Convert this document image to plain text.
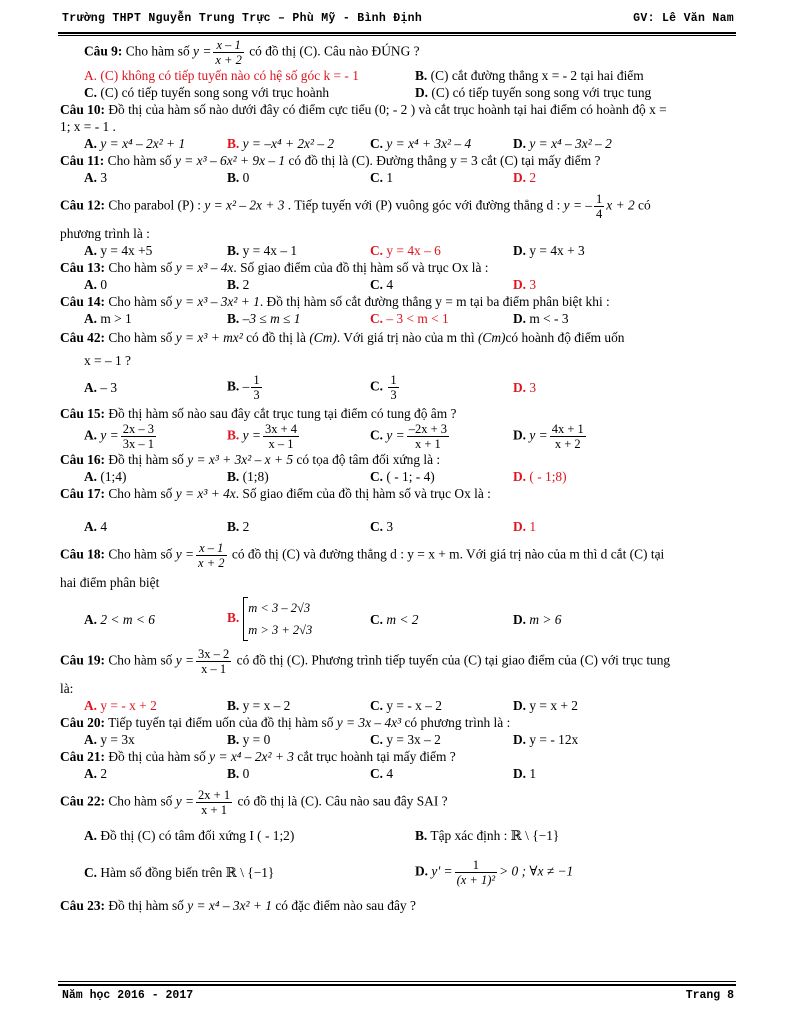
Trường THPT Nguyễn Trung Trực – Phù Mỹ - Bình Định	GV: Lê Văn Nam
Câu 9: Cho hàm số $y = \frac{x - 1}{x + 2}$ có đồ thị (C). Câu nào ĐÚNG ?
A. (C) không có tiếp tuyến nào có hệ số góc k = - 1	B. (C) cắt đường thẳng x = - 2 tại hai điểm
C. (C) có tiếp tuyến song song với trục hoành	D. (C) có tiếp tuyến song song với trục tung
Câu 10: Đồ thị của hàm số nào dưới đây có điểm cực tiểu (0; - 2 ) và cắt trục hoành tại hai điểm có hoành độ x =
1; x = - 1 .
A. y = x⁴ – 2x² + 1	B. y = –x⁴ + 2x² – 2	C. y = x⁴ + 3x² – 4	D. y = x⁴ – 3x² – 2
Câu 11: Cho hàm số y = x³ – 6x² + 9x – 1 có đồ thị là (C). Đường thẳng y = 3 cắt (C) tại mấy điểm ?
A. 3	B. 0	C. 1	D. 2
Câu 12: Cho parabol (P) : y = x² – 2x + 3 . Tiếp tuyến với (P) vuông góc với đường thẳng d : y = – $\frac{1}{4}$ x + 2 có
phương trình là :
A. y = 4x +5	B. y = 4x – 1	C. y = 4x – 6	D. y = 4x + 3
Câu 13: Cho hàm số y = x³ – 4x. Số giao điểm của đồ thị hàm số và trục Ox là :
A. 0	B. 2	C. 4	D. 3
Câu 14: Cho hàm số y = x³ – 3x² + 1. Đồ thị hàm số cắt đường thẳng y = m tại ba điểm phân biệt khi :
A. m > 1	B. –3 ≤ m ≤ 1	C. – 3 < m < 1	D. m < - 3
Câu 42: Cho hàm số y = x³ + mx² có đồ thị là (Cm). Với giá trị nào của m thì (Cm)có hoành độ điểm uốn
x = – 1 ?
A. – 3	B. – $\frac{1}{3}$	C. $\frac{1}{3}$	D. 3
Câu 15: Đồ thị hàm số nào sau đây cắt trục tung tại điểm có tung độ âm ?
A. $y = \frac{2x - 3}{3x - 1}$	B. $y = \frac{3x + 4}{x - 1}$	C. $y = \frac{-2x + 3}{x + 1}$	D. $y = \frac{4x + 1}{x + 2}$
Câu 16: Đồ thị hàm số y = x³ + 3x² – x + 5 có tọa độ tâm đối xứng là :
A. (1;4)	B. (1;8)	C. ( - 1; - 4)	D. ( - 1;8)
Câu 17: Cho hàm số y = x³ + 4x. Số giao điểm của đồ thị hàm số và trục Ox là :
A. 4	B. 2	C. 3	D. 1
Câu 18: Cho hàm số $y = \frac{x - 1}{x + 2}$ có đồ thị (C) và đường thẳng d : y = x + m. Với giá trị nào của m thì d cắt (C) tại
hai điểm phân biệt
A. 2 < m < 6	B.
m < 3 – 2√3
m > 3 + 2√3
C. m < 2	D. m > 6
Câu 19: Cho hàm số $y = \frac{3x - 2}{x - 1}$ có đồ thị (C). Phương trình tiếp tuyến của (C) tại giao điểm của (C) với trục tung
là:
A. y = - x + 2	B. y = x – 2	C. y = - x – 2	D. y = x + 2
Câu 20: Tiếp tuyến tại điểm uốn của đồ thị hàm số y = 3x – 4x³ có phương trình là :
A. y = 3x	B. y = 0	C. y = 3x – 2	D. y = - 12x
Câu 21: Đồ thị của hàm số y = x⁴ – 2x² + 3 cắt trục hoành tại mấy điểm ?
A. 2	B. 0	C. 4	D. 1
Câu 22: Cho hàm số $y = \frac{2x + 1}{x + 1}$ có đồ thị là (C). Câu nào sau đây SAI ?
A. Đồ thị (C) có tâm đối xứng I ( - 1;2)	B. Tập xác định : ℝ \ {−1}
C. Hàm số đồng biến trên ℝ \ {−1}	D. $y' = \frac{1}{\text{(x + 1)²}} > 0$ ; ∀x ≠ −1
Câu 23: Đồ thị hàm số y = x⁴ – 3x² + 1 có đặc điểm nào sau đây ?
Năm học 2016 - 2017	Trang 8
